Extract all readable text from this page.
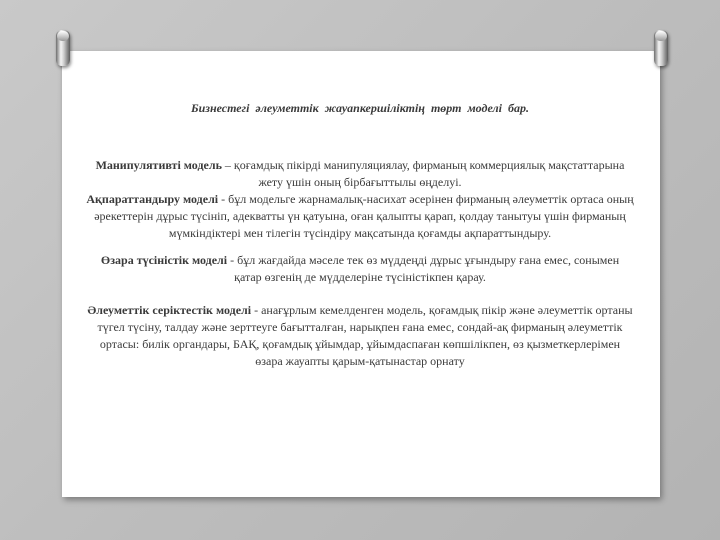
Бизнестегі әлеуметтік жауапкершіліктің төрт моделі бар.

Манипулятивті модель – қоғамдық пікірді манипуляциялау, фирманың коммерциялық мақстаттарына жету үшін оның бірбағыттылы өңделуі.

Ақпараттандыру моделі - бұл модельге жарнамалық-насихат әсерінен фирманың әлеуметтік ортаса оның әрекеттерін дұрыс түсініп, адекватты үн қатуына, оған қалыпты қарап, қолдау танытуы үшін фирманың мүмкіндіктері мен тілегін түсіндіру мақсатында қоғамды ақпараттындыру.

Өзара түсіністік моделі - бұл жағдайда мәселе тек өз мүддеңді дұрыс ұғындыру ғана емес, сонымен қатар өзгенің де мүдделеріне түсіністікпен қарау.

Әлеуметтік серіктестік моделі - анағұрлым кемелденген модель, қоғамдық пікір және әлеуметтік ортаны түгел түсіну, талдау және зерттеуге бағытталған, нарықпен ғана емес, сондай-ақ фирманың әлеуметтік ортасы: билік органдары, БАҚ, қоғамдық ұйымдар, ұйымдаспаған көпшілікпен, өз қызметкерлерімен өзара жауапты қарым-қатынастар орнату
